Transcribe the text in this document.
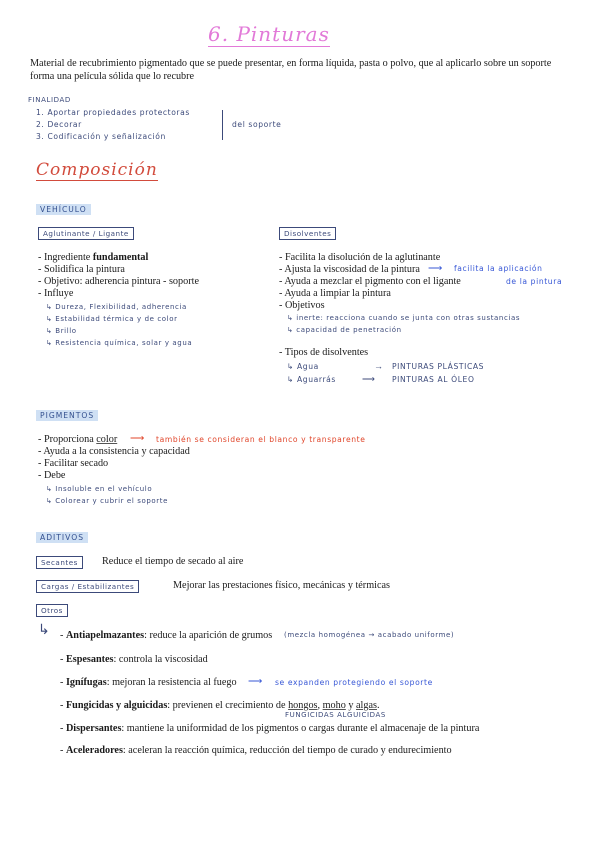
6. Pinturas
Material de recubrimiento pigmentado que se puede presentar, en forma líquida, pasta o polvo, que al aplicarlo sobre un soporte
forma una película sólida que lo recubre
FINALIDAD
1. Aportar propiedades protectoras
2. Decorar
3. Codificación y señalización
del soporte
Composición
VEHÍCULO
Aglutinante / Ligante
- Ingrediente fundamental
- Solidifica la pintura
- Objetivo: adherencia pintura - soporte
- Influye
↳ Dureza, Flexibilidad, adherencia
↳ Estabilidad térmica y de color
↳ Brillo
↳ Resistencia química, solar y agua
Disolventes
- Facilita la disolución de la aglutinante
- Ajusta la viscosidad de la pintura ⟶ facilita la aplicación
- Ayuda a mezclar el pigmento con el ligante	de la pintura
- Ayuda a limpiar la pintura
- Objetivos
↳ inerte: reacciona cuando se junta con otras sustancias
↳ capacidad de penetración
- Tipos de disolventes
↳ Agua	→ PINTURAS PLÁSTICAS
↳ Aguarrás	⟶ PINTURAS AL ÓLEO
PIGMENTOS
- Proporciona color ⟶ también se consideran el blanco y transparente
- Ayuda a la consistencia y capacidad
- Facilitar secado
- Debe
↳ Insoluble en el vehículo
↳ Colorear y cubrir el soporte
ADITIVOS
Secantes	Reduce el tiempo de secado al aire
Cargas / Estabilizantes	Mejorar las prestaciones físico, mecánicas y térmicas
Otros
↳ - Antiapelmazantes: reduce la aparición de grumos (mezcla homogénea → acabado uniforme)
- Espesantes: controla la viscosidad
- Ignífugas: mejoran la resistencia al fuego ⟶ se expanden protegiendo el soporte
- Fungicidas y alguicidas: previenen el crecimiento de hongos, moho y algas.
FUNGICIDAS ALGUICIDAS
- Dispersantes: mantiene la uniformidad de los pigmentos o cargas durante el almacenaje de la pintura
- Aceleradores: aceleran la reacción química, reducción del tiempo de curado y endurecimiento
